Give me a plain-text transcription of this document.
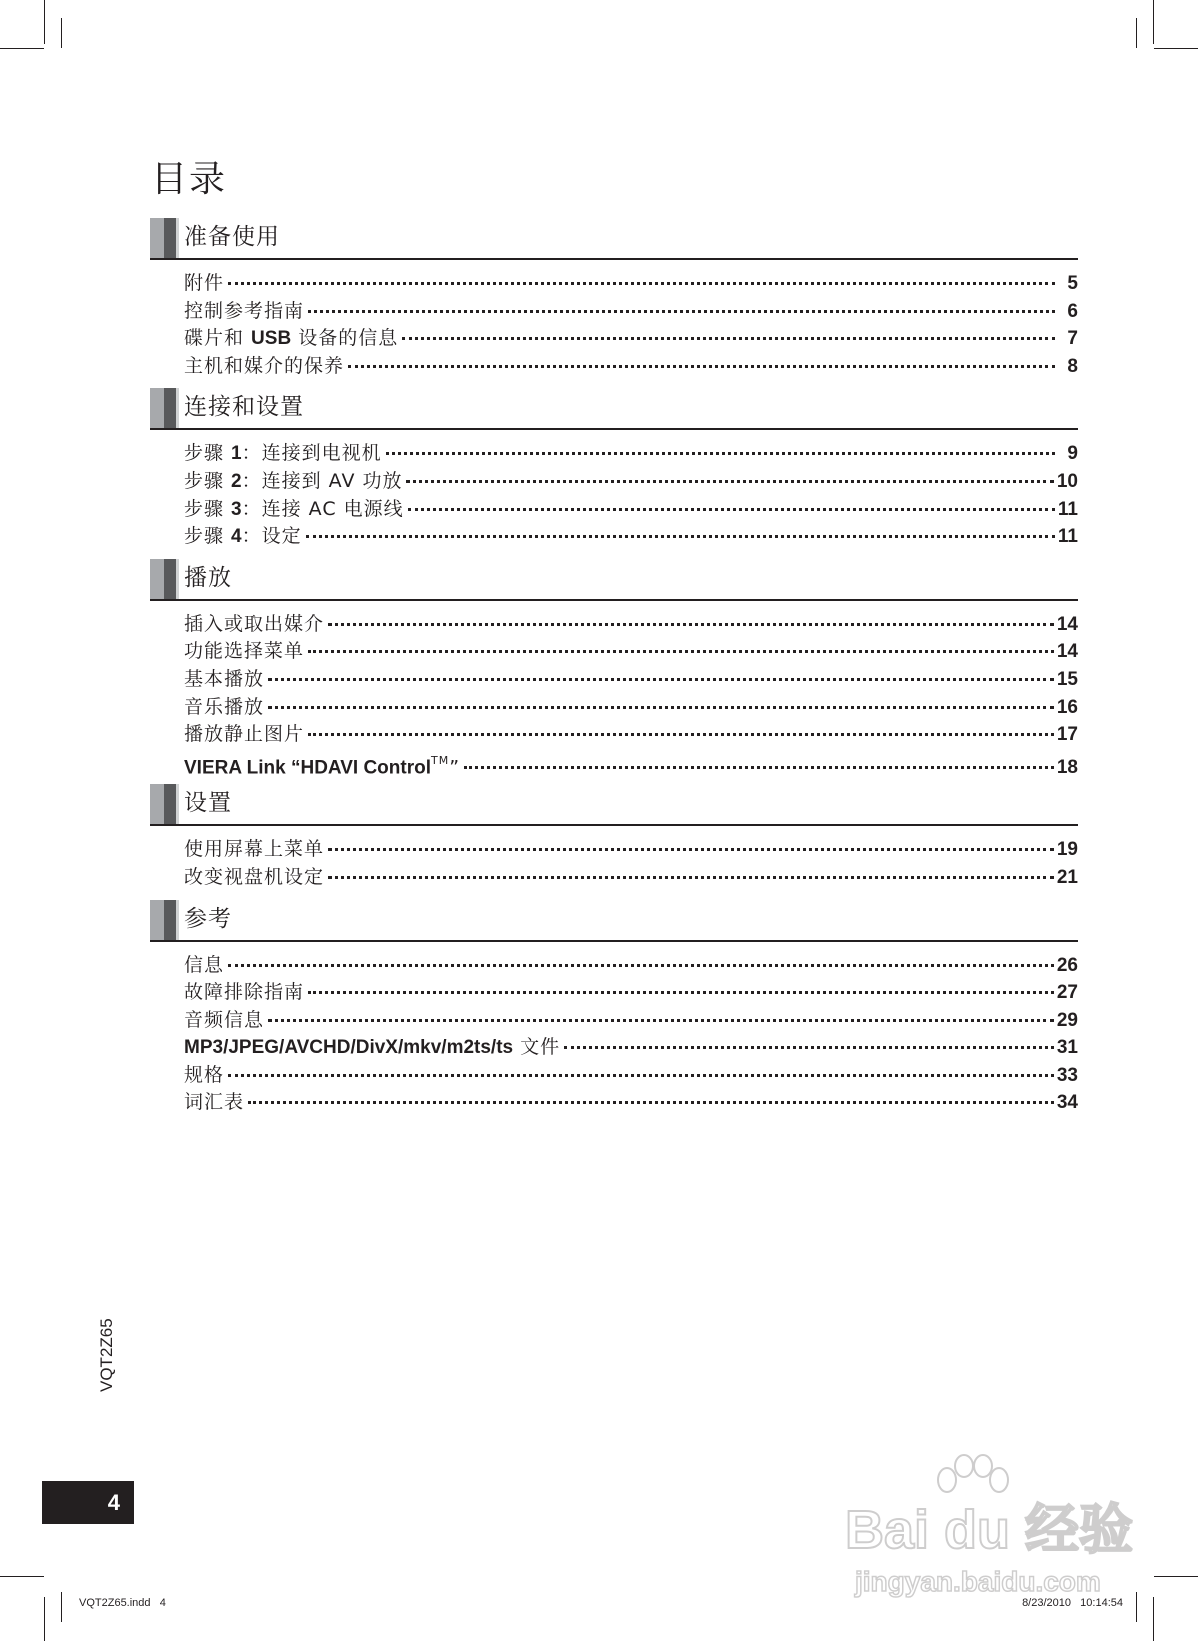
目录
准备使用
附件	5
控制参考指南	6
碟片和 USB 设备的信息	7
主机和媒介的保养	8
连接和设置
步骤 1：连接到电视机	9
步骤 2：连接到 AV 功放	10
步骤 3：连接 AC 电源线	11
步骤 4：设定	11
播放
插入或取出媒介	14
功能选择菜单	14
基本播放	15
音乐播放	16
播放静止图片	17
VIERA Link “HDAVI Control™”	18
设置
使用屏幕上菜单	19
改变视盘机设定	21
参考
信息	26
故障排除指南	27
音频信息	29
MP3/JPEG/AVCHD/DivX/mkv/m2ts/ts 文件	31
规格	33
词汇表	34
VQT2Z65
4
VQT2Z65.indd   4	8/23/2010   10:14:54
Bai du 经验
jingyan.baidu.com
